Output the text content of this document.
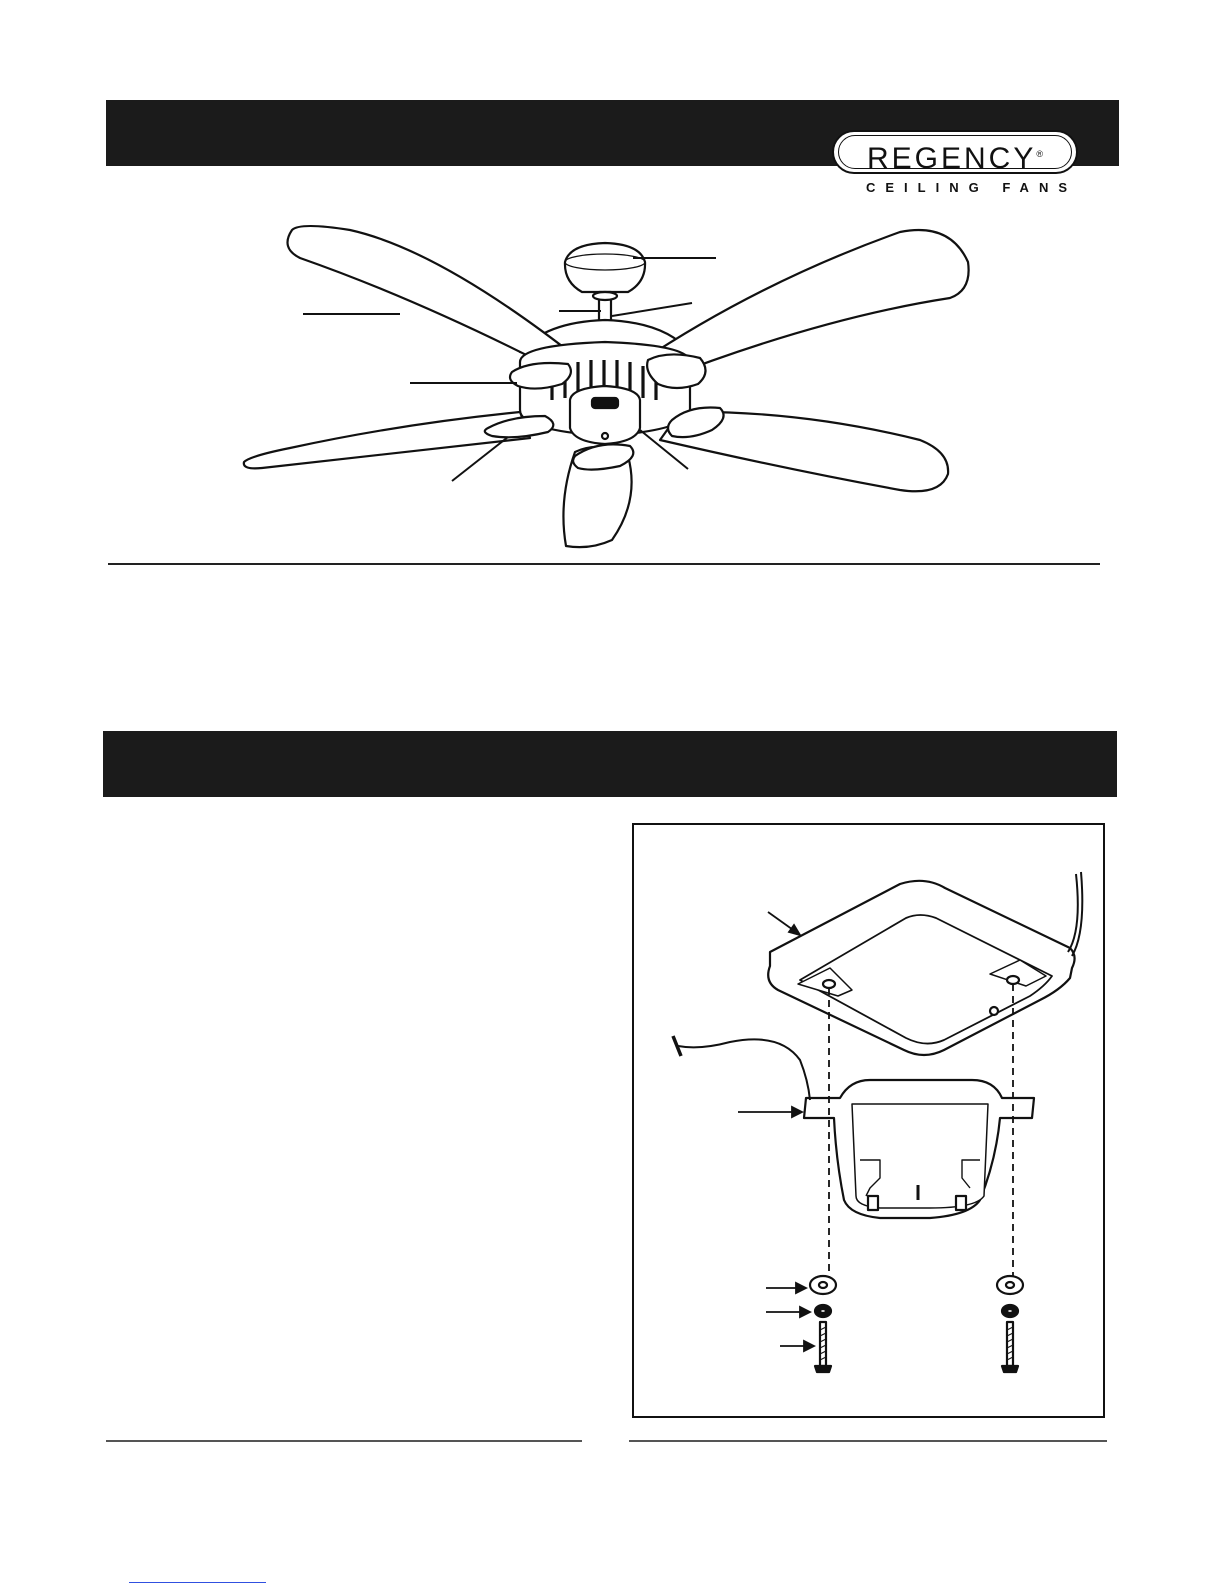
REGENCY®
CEILING FANS
